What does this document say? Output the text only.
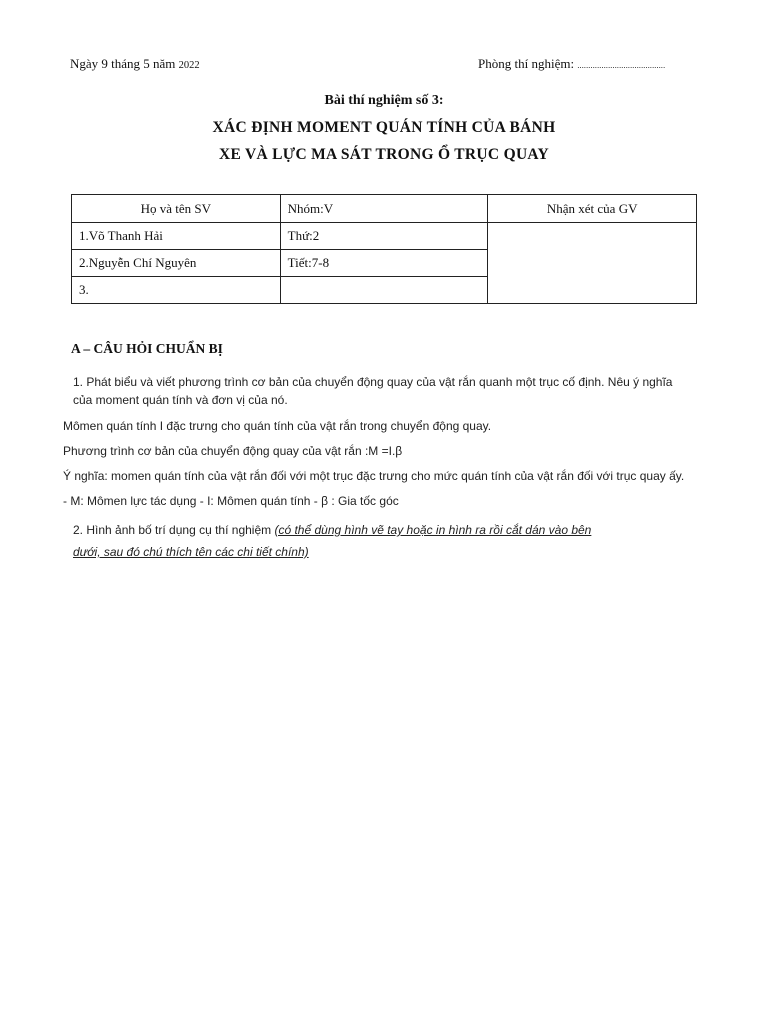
Ngày 9 tháng 5 năm 2022	Phòng thí nghiệm: ........................................
Bài thí nghiệm số 3:
XÁC ĐỊNH MOMENT QUÁN TÍNH CỦA BÁNH
XE VÀ LỰC MA SÁT TRONG Ổ TRỤC QUAY
Họ và tên SV	Nhóm:V	Nhận xét của GV
1.Võ Thanh Hải	Thứ:2	
2.Nguyễn Chí Nguyên	Tiết:7-8	
3.		
A – CÂU HỎI CHUẨN BỊ
1. Phát biểu và viết phương trình cơ bản của chuyển động quay của vật rắn quanh một trục cố định. Nêu ý nghĩa
của moment quán tính và đơn vị của nó.
Mômen quán tính I đặc trưng cho quán tính của vật rắn trong chuyển động quay.
Phương trình cơ bản của chuyển động quay của vật rắn :M =I.β
Ý nghĩa: momen quán tính của vật rắn đối với một trục đặc trưng cho mức quán tính của vật rắn đối với trục quay ấy.
- M: Mômen lực tác dụng - I: Mômen quán tính - β : Gia tốc góc
2. Hình ảnh bố trí dụng cụ thí nghiệm (có thể dùng hình vẽ tay hoặc in hình ra rồi cắt dán vào bên
dưới, sau đó chú thích tên các chi tiết chính)
